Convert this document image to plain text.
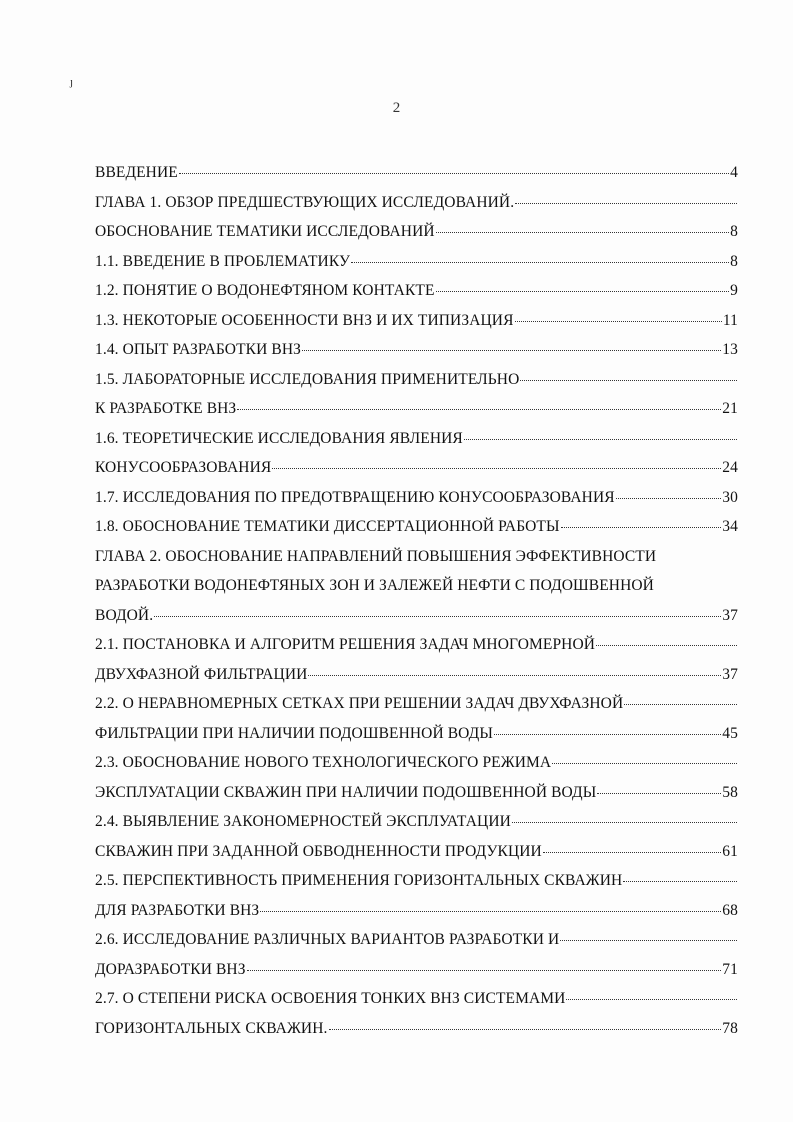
ȷ
2
ВВЕДЕНИЕ	4
ГЛАВА 1. ОБЗОР ПРЕДШЕСТВУЮЩИХ ИССЛЕДОВАНИЙ.
ОБОСНОВАНИЕ ТЕМАТИКИ ИССЛЕДОВАНИЙ	8
1.1. ВВЕДЕНИЕ В ПРОБЛЕМАТИКУ	8
1.2. ПОНЯТИЕ О ВОДОНЕФТЯНОМ КОНТАКТЕ	9
1.3. НЕКОТОРЫЕ ОСОБЕННОСТИ ВНЗ И ИХ ТИПИЗАЦИЯ	11
1.4. ОПЫТ РАЗРАБОТКИ ВНЗ	13
1.5. ЛАБОРАТОРНЫЕ ИССЛЕДОВАНИЯ ПРИМЕНИТЕЛЬНО
К РАЗРАБОТКЕ ВНЗ	21
1.6. ТЕОРЕТИЧЕСКИЕ ИССЛЕДОВАНИЯ ЯВЛЕНИЯ
КОНУСООБРАЗОВАНИЯ	24
1.7. ИССЛЕДОВАНИЯ ПО ПРЕДОТВРАЩЕНИЮ КОНУСООБРАЗОВАНИЯ	30
1.8. ОБОСНОВАНИЕ ТЕМАТИКИ ДИССЕРТАЦИОННОЙ РАБОТЫ	34
ГЛАВА 2. ОБОСНОВАНИЕ НАПРАВЛЕНИЙ ПОВЫШЕНИЯ ЭФФЕКТИВНОСТИ
РАЗРАБОТКИ ВОДОНЕФТЯНЫХ ЗОН И ЗАЛЕЖЕЙ НЕФТИ С ПОДОШВЕННОЙ
ВОДОЙ.	37
2.1. ПОСТАНОВКА И АЛГОРИТМ РЕШЕНИЯ ЗАДАЧ МНОГОМЕРНОЙ
ДВУХФАЗНОЙ ФИЛЬТРАЦИИ	37
2.2. О НЕРАВНОМЕРНЫХ СЕТКАХ ПРИ РЕШЕНИИ ЗАДАЧ ДВУХФАЗНОЙ
ФИЛЬТРАЦИИ ПРИ НАЛИЧИИ ПОДОШВЕННОЙ ВОДЫ	45
2.3. ОБОСНОВАНИЕ НОВОГО ТЕХНОЛОГИЧЕСКОГО РЕЖИМА
ЭКСПЛУАТАЦИИ СКВАЖИН ПРИ НАЛИЧИИ ПОДОШВЕННОЙ ВОДЫ	58
2.4. ВЫЯВЛЕНИЕ ЗАКОНОМЕРНОСТЕЙ ЭКСПЛУАТАЦИИ
СКВАЖИН ПРИ ЗАДАННОЙ ОБВОДНЕННОСТИ ПРОДУКЦИИ	61
2.5. ПЕРСПЕКТИВНОСТЬ ПРИМЕНЕНИЯ ГОРИЗОНТАЛЬНЫХ СКВАЖИН
ДЛЯ РАЗРАБОТКИ ВНЗ	68
2.6. ИССЛЕДОВАНИЕ РАЗЛИЧНЫХ ВАРИАНТОВ РАЗРАБОТКИ И
ДОРАЗРАБОТКИ ВНЗ	71
2.7. О СТЕПЕНИ РИСКА ОСВОЕНИЯ ТОНКИХ ВНЗ СИСТЕМАМИ
ГОРИЗОНТАЛЬНЫХ СКВАЖИН.	78
